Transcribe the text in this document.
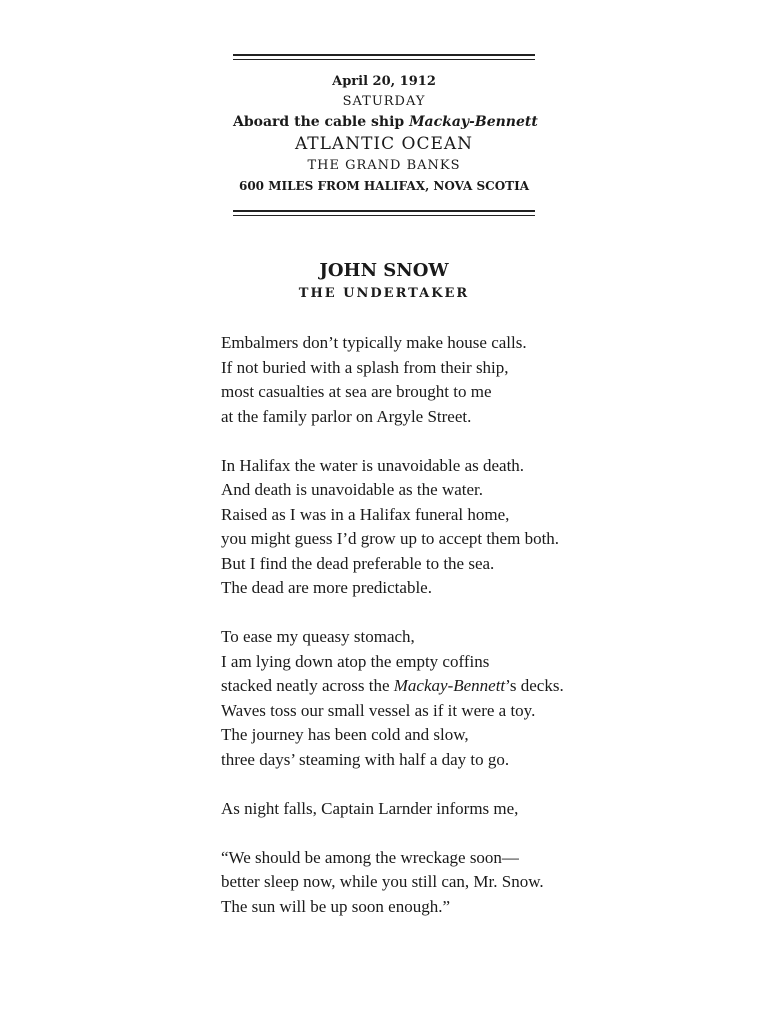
April 20, 1912
SATURDAY
Aboard the cable ship Mackay-Bennett
ATLANTIC OCEAN
THE GRAND BANKS
600 MILES FROM HALIFAX, NOVA SCOTIA
JOHN SNOW
THE UNDERTAKER
Embalmers don’t typically make house calls.
If not buried with a splash from their ship,
most casualties at sea are brought to me
at the family parlor on Argyle Street.
In Halifax the water is unavoidable as death.
And death is unavoidable as the water.
Raised as I was in a Halifax funeral home,
you might guess I’d grow up to accept them both.
But I find the dead preferable to the sea.
The dead are more predictable.
To ease my queasy stomach,
I am lying down atop the empty coffins
stacked neatly across the Mackay-Bennett’s decks.
Waves toss our small vessel as if it were a toy.
The journey has been cold and slow,
three days’ steaming with half a day to go.
As night falls, Captain Larnder informs me,
“We should be among the wreckage soon—
better sleep now, while you still can, Mr. Snow.
The sun will be up soon enough.”
